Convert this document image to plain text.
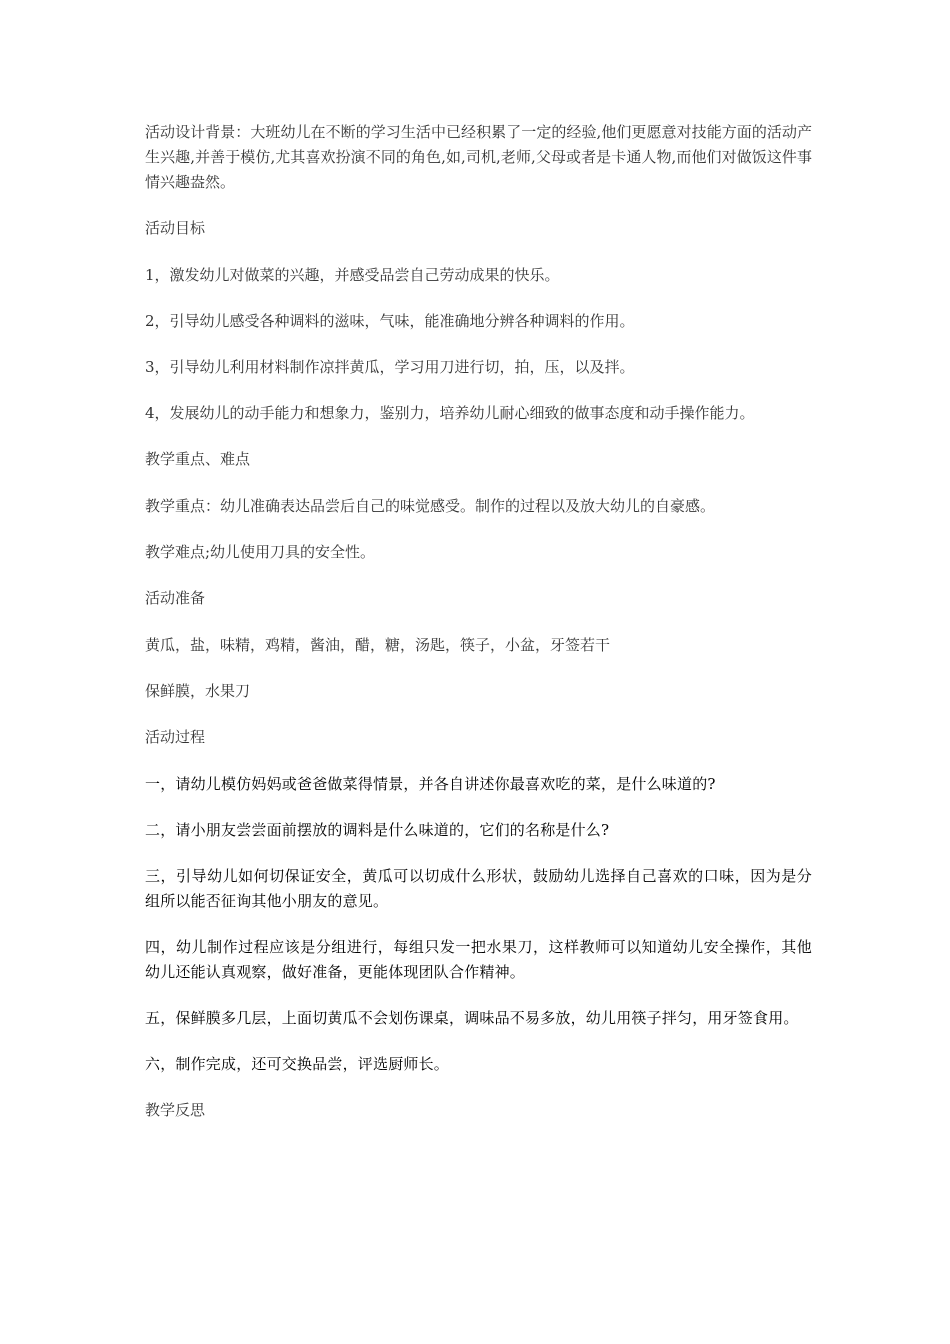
活动设计背景：大班幼儿在不断的学习生活中已经积累了一定的经验,他们更愿意对技能方面的活动产生兴趣,并善于模仿,尤其喜欢扮演不同的角色,如,司机,老师,父母或者是卡通人物,而他们对做饭这件事情兴趣盎然。

活动目标

1，激发幼儿对做菜的兴趣，并感受品尝自己劳动成果的快乐。

2，引导幼儿感受各种调料的滋味，气味，能准确地分辨各种调料的作用。

3，引导幼儿利用材料制作凉拌黄瓜，学习用刀进行切，拍，压，以及拌。

4，发展幼儿的动手能力和想象力，鉴别力，培养幼儿耐心细致的做事态度和动手操作能力。

教学重点、难点

教学重点：幼儿准确表达品尝后自己的味觉感受。制作的过程以及放大幼儿的自豪感。

教学难点;幼儿使用刀具的安全性。

活动准备

黄瓜，盐，味精，鸡精，酱油，醋，糖，汤匙，筷子，小盆，牙签若干

保鲜膜，水果刀

活动过程

一，请幼儿模仿妈妈或爸爸做菜得情景，并各自讲述你最喜欢吃的菜，是什么味道的?

二，请小朋友尝尝面前摆放的调料是什么味道的，它们的名称是什么?

三，引导幼儿如何切保证安全，黄瓜可以切成什么形状，鼓励幼儿选择自己喜欢的口味，因为是分组所以能否征询其他小朋友的意见。

四，幼儿制作过程应该是分组进行，每组只发一把水果刀，这样教师可以知道幼儿安全操作，其他幼儿还能认真观察，做好准备，更能体现团队合作精神。

五，保鲜膜多几层，上面切黄瓜不会划伤课桌，调味品不易多放，幼儿用筷子拌匀，用牙签食用。

六，制作完成，还可交换品尝，评选厨师长。

教学反思
